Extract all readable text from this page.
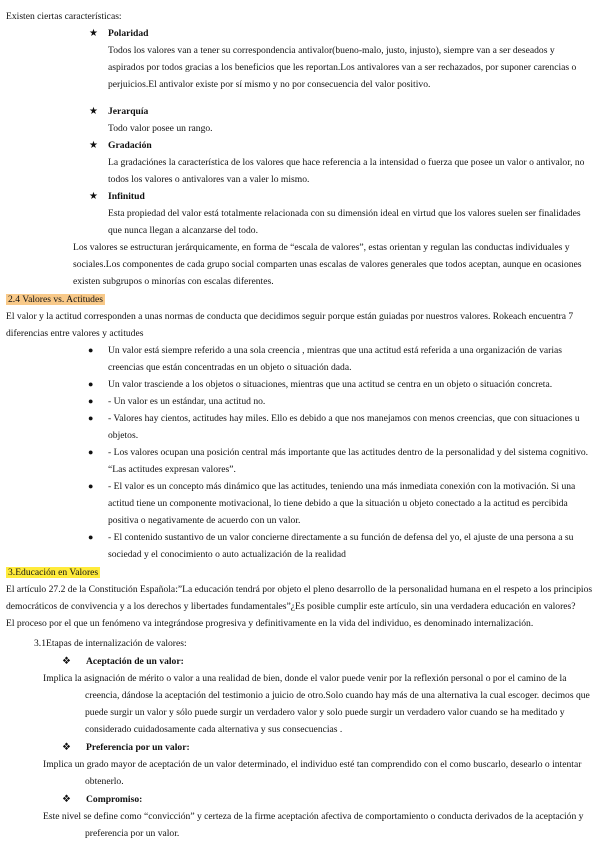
Existen ciertas características:

★ Polaridad

Todos los valores van a tener su correspondencia antivalor(bueno-malo, justo, injusto), siempre van a ser deseados y aspirados por todos gracias a los beneficios que les reportan.Los antivalores van a ser rechazados, por suponer carencias o perjuicios.El antivalor existe por sí mismo y no por consecuencia del valor positivo.

★ Jerarquía

Todo valor posee un rango.

★ Gradación

La gradaciónes la característica de los valores que hace referencia a la intensidad o fuerza que posee un valor o antivalor, no todos los valores o antivalores van a valer lo mismo.

★ Infinitud

Esta propiedad del valor está totalmente relacionada con su dimensión ideal en virtud que los valores suelen ser finalidades que nunca llegan a alcanzarse del todo.

Los valores se estructuran jerárquicamente, en forma de “escala de valores”, estas orientan y regulan las conductas individuales y sociales.Los componentes de cada grupo social comparten unas escalas de valores generales que todos aceptan, aunque en ocasiones existen subgrupos o minorías con escalas diferentes.

2.4 Valores vs. Actitudes

El valor y la actitud corresponden a unas normas de conducta que decidimos seguir porque están guiadas por nuestros valores. Rokeach encuentra 7 diferencias entre valores y actitudes

● Un valor está siempre referido a una sola creencia , mientras que una actitud está referida a una organización de varias creencias que están concentradas en un objeto o situación dada.
● Un valor trasciende a los objetos o situaciones, mientras que una actitud se centra en un objeto o situación concreta.
● - Un valor es un estándar, una actitud no.
● - Valores hay cientos, actitudes hay miles. Ello es debido a que nos manejamos con menos creencias, que con situaciones u objetos.
● - Los valores ocupan una posición central más importante que las actitudes dentro de la personalidad y del sistema cognitivo. “Las actitudes expresan valores”.
● - El valor es un concepto más dinámico que las actitudes, teniendo una más inmediata conexión con la motivación. Si una actitud tiene un componente motivacional, lo tiene debido a que la situación u objeto conectado a la actitud es percibida positiva o negativamente de acuerdo con un valor.
● - El contenido sustantivo de un valor concierne directamente a su función de defensa del yo, el ajuste de una persona a su sociedad y el conocimiento o auto actualización de la realidad
3.Educación en Valores

El artículo 27.2 de la Constitución Española:”La educación tendrá por objeto el pleno desarrollo de la personalidad humana en el respeto a los principios democráticos de convivencia y a los derechos y libertades fundamentales”¿Es posible cumplir este artículo, sin una verdadera educación en valores?

El proceso por el que un fenómeno va integrándose progresiva y definitivamente en la vida del individuo, es denominado internalización.

3.1Etapas de internalización de valores:

❖ Aceptación de un valor:

Implica la asignación de mérito o valor a una realidad de bien, donde el valor puede venir por la reflexión personal o por el camino de la creencia, dándose la aceptación del testimonio a juicio de otro.Solo cuando hay más de una alternativa la cual escoger. decimos que puede surgir un valor y sólo puede surgir un verdadero valor y solo puede surgir un verdadero valor cuando se ha meditado y considerado cuidadosamente cada alternativa y sus consecuencias .

❖ Preferencia por un valor:

Implica un grado mayor de aceptación de un valor determinado, el individuo esté tan comprendido con el como buscarlo, desearlo o intentar obtenerlo.

❖ Compromiso:

Este nivel se define como “convicción” y certeza de la firme aceptación afectiva de comportamiento o conducta derivados de la aceptación y preferencia por un valor.
